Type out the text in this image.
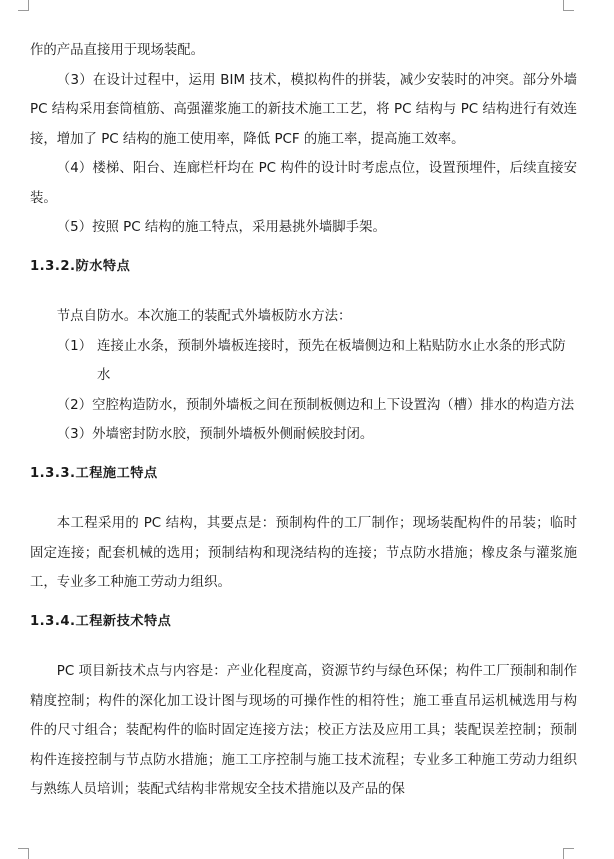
作的产品直接用于现场装配。

（3）在设计过程中，运用 BIM 技术，模拟构件的拼装，减少安装时的冲突。部分外墙 PC 结构采用套筒植筋、高强灌浆施工的新技术施工工艺，将 PC 结构与 PC 结构进行有效连接，增加了 PC 结构的施工使用率，降低 PCF 的施工率，提高施工效率。

（4）楼梯、阳台、连廊栏杆均在 PC 构件的设计时考虑点位，设置预埋件，后续直接安装。

（5）按照 PC 结构的施工特点，采用悬挑外墙脚手架。

1.3.2.防水特点

节点自防水。本次施工的装配式外墙板防水方法：

（1） 连接止水条，预制外墙板连接时，预先在板墙侧边和上粘贴防水止水条的形式防水

（2）空腔构造防水，预制外墙板之间在预制板侧边和上下设置沟（槽）排水的构造方法

（3）外墙密封防水胶，预制外墙板外侧耐候胶封闭。

1.3.3.工程施工特点

本工程采用的 PC 结构，其要点是：预制构件的工厂制作；现场装配构件的吊装；临时固定连接；配套机械的选用；预制结构和现浇结构的连接；节点防水措施；橡皮条与灌浆施工，专业多工种施工劳动力组织。

1.3.4.工程新技术特点

PC 项目新技术点与内容是：产业化程度高，资源节约与绿色环保；构件工厂预制和制作精度控制；构件的深化加工设计图与现场的可操作性的相符性；施工垂直吊运机械选用与构件的尺寸组合；装配构件的临时固定连接方法；校正方法及应用工具；装配误差控制；预制构件连接控制与节点防水措施；施工工序控制与施工技术流程；专业多工种施工劳动力组织与熟练人员培训；装配式结构非常规安全技术措施以及产品的保
